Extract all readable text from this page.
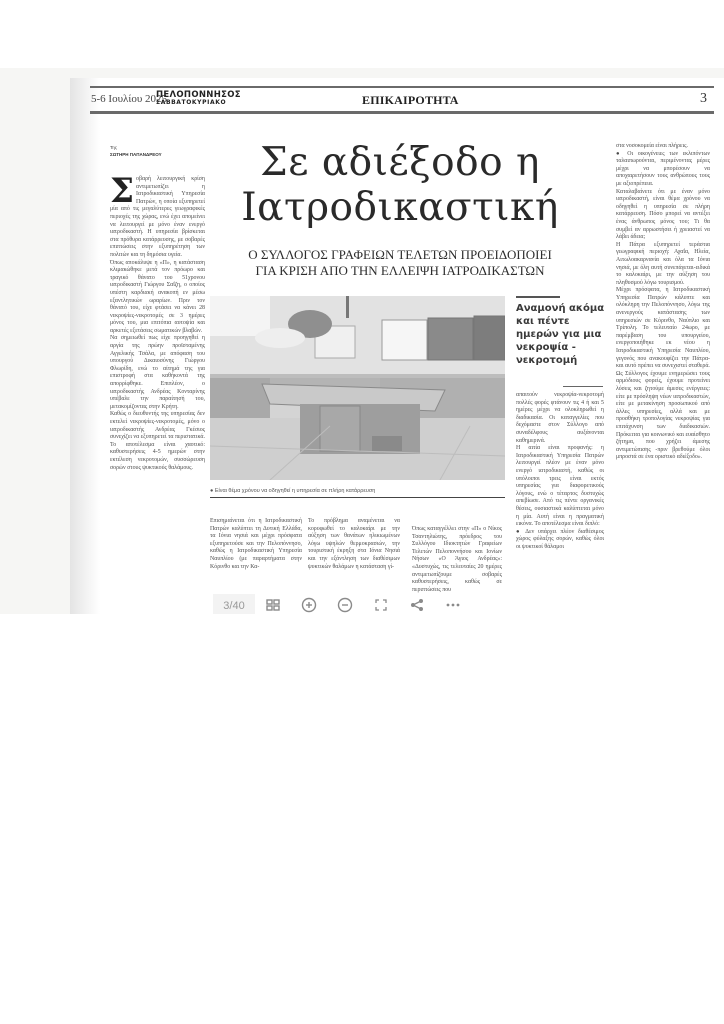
5-6 Ιουλίου 2025
ΠΕΛΟΠΟΝΝΗΣΟΣ
ΣΑΒΒΑΤΟΚΥΡΙΑΚΟ	ΕΠΙΚΑΙΡΟΤΗΤΑ	3
Της
ΣΩΤΗΡΗ ΠΑΠΑΝΔΡΕΟΥ

Σοβαρή λειτουργική κρίση αντιμετωπίζει η Ιατροδικαστική Υπηρεσία Πατρών, η οποία εξυπηρετεί μία από τις μεγαλύτερες γεωγραφικές περιοχές της χώρας, ενώ έχει απομείνει να λειτουργεί με μόνο έναν ενεργό ιατροδικαστή. Η υπηρεσία βρίσκεται στα πρόθυρα κατάρρευσης, με σοβαρές επιπτώσεις στην εξυπηρέτηση των πολιτών και τη δημόσια υγεία.

Όπως αποκάλυψε η «Π», η κατάσταση κλιμακώθηκε μετά τον πρόωρο και τραγικό θάνατο του 51χρονου ιατροδικαστή Γιώργου Σαΐζη, ο οποίος υπέστη καρδιακή ανακοπή εν μέσω εξαντλητικών ωραρίων. Πριν τον θάνατό του, είχε φτάσει να κάνει 28 νεκροψίες-νεκροτομές σε 3 ημέρες μόνος του, μια επιτόπια αυτοψία και αρκετές εξετάσεις σωματικών βλαβών.

Να σημειωθεί πως είχε προηγηθεί η αργία της πρώην προϊσταμένης Αγγελικής Τσάλα, με απόφαση του υπουργού Δικαιοσύνης Γιώργου Φλωρίδη, ενώ το αίτημά της για επιστροφή στα καθήκοντά της απορρίφθηκε. Επιπλέον, ο ιατροδικαστής Ανδρέας Κονταρίνης υπέβαλε την παραίτησή του, μετακομίζοντας στην Κρήτη.

Καθώς ο διευθυντής της υπηρεσίας δεν εκτελεί νεκροψίες-νεκροτομές, μόνο ο ιατροδικαστής Ανδρέας Γκέσιος συνεχίζει να εξυπηρετεί τα περιστατικά. Το αποτέλεσμα είναι χαοτικό: καθυστερήσεις 4-5 ημερών στην εκτέλεση νεκροτομών, συσσώρευση σορών στους ψυκτικούς θαλάμους.

Σε αδιέξοδο η
Ιατροδικαστική
Ο ΣΥΛΛΟΓΟΣ ΓΡΑΦΕΙΩΝ ΤΕΛΕΤΩΝ ΠΡΟΕΙΔΟΠΟΙΕΙ
ΓΙΑ ΚΡΙΣΗ ΑΠΟ ΤΗΝ ΕΛΛΕΙΨΗ ΙΑΤΡΟΔΙΚΑΣΤΩΝ
● Είναι θέμα χρόνου να οδηγηθεί η υπηρεσία σε πλήρη κατάρρευση

Επισημαίνεται ότι η Ιατροδικαστική Πατρών καλύπτει τη Δυτική Ελλάδα, τα Ιόνια νησιά και μέχρι πρόσφατα εξυπηρετούσε και την Πελοπόννησο, καθώς η Ιατροδικαστική Υπηρεσία Ναυπλίου (με παραρτήματα στην Κόρινθο και την Κα-

Το πρόβλημα αναμένεται να κορυφωθεί το καλοκαίρι με την αύξηση των θανάτων ηλικιωμένων λόγω υψηλών θερμοκρασιών, την τουριστική έκρηξη στα Ιόνια Νησιά και την εξάντληση των διαθέσιμων ψυκτικών θαλάμων η κατάσταση γί-

Όπως καταγγέλλει στην «Π» ο Νίκος Τσαντηλιώτης, πρόεδρος του Συλλόγου Ιδιοκτητών Γραφείων Τελετών Πελοποννήσου και Ιονίων Νήσων «Ο Άγιος Ανδρέας»: «Δυστυχώς, τις τελευταίες 20 ημέρες αντιμετωπίζουμε σοβαρές καθυστερήσεις, καθώς σε περιπτώσεις που

Αναμονή ακόμα και πέντε ημερών για μια νεκροψία - νεκροτομή

απαιτούν νεκροψία-νεκροτομή πολλές φορές φτάνουν τις 4 ή και 5 ημέρες μέχρι να ολοκληρωθεί η διαδικασία. Οι καταγγελίες που δεχόμαστε στον Σύλλογο από συναδέλφους αυξάνονται καθημερινά.

Η αιτία είναι προφανής: η Ιατροδικαστική Υπηρεσία Πατρών λειτουργεί πλέον με έναν μόνο ενεργό ιατροδικαστή, καθώς οι υπόλοιποι τρεις είναι εκτός υπηρεσίας για διαφορετικούς λόγους, ενώ ο τέταρτος δυστυχώς απεβίωσε. Από τις πέντε οργανικές θέσεις, ουσιαστικά καλύπτεται μόνο η μία. Αυτή είναι η πραγματική εικόνα. Το αποτέλεσμα είναι διπλό:

● Δεν υπάρχει πλέον διαθέσιμος χώρος φύλαξης σορών, καθώς όλοι οι ψυκτικοί θάλαμοι

στα νοσοκομεία είναι πλήρεις.

● Οι οικογένειες των εκλιπόντων ταλαιπωρούνται, περιμένοντας μέρες μέχρι να μπορέσουν να αποχαιρετήσουν τους ανθρώπους τους με αξιοπρέπεια.

Καταλαβαίνετε ότι με έναν μόνο ιατροδικαστή, είναι θέμα χρόνου να οδηγηθεί η υπηρεσία σε πλήρη κατάρρευση. Πόσο μπορεί να αντέξει ένας άνθρωπος μόνος του; Τι θα συμβεί αν αρρωστήσει ή χρειαστεί να λάβει άδεια;

Η Πάτρα εξυπηρετεί τεράστια γεωγραφική περιοχή: Αχαΐα, Ηλεία, Αιτωλοακαρνανία και όλα τα Ιόνια νησιά, με όλη αυτή συνεπάγεται-ειδικά το καλοκαίρι, με την αύξηση του πληθυσμού λόγω τουρισμού.

Μέχρι πρόσφατα, η Ιατροδικαστική Υπηρεσία Πατρών κάλυπτε και ολόκληρη την Πελοπόννησο, λόγω της ανενεργούς κατάστασης των υπηρεσιών σε Κόρινθο, Ναύπλιο και Τρίπολη. Το τελευταίο 24ωρο, με παρέμβαση του υπουργείου, ενεργοποιήθηκε εκ νέου η Ιατροδικαστική Υπηρεσία Ναυπλίου, γεγονός που ανακουφίζει την Πάτρα-και αυτό πρέπει να συνεχιστεί σταθερά.

Ως Σύλλογος έχουμε ενημερώσει τους αρμόδιους φορείς, έχουμε προτείνει λύσεις και ζητούμε άμεσες ενέργειες: είτε με πρόσληψη νέων ιατροδικαστών, είτε με μετακίνηση προσωπικού από άλλες υπηρεσίες, αλλά και με προσθήκη τροπολογίας νεκροψίας για επιτάχυνση των διαδικασιών. Πρόκειται για κοινωνικό και ευαίσθητο ζήτημα, που χρήζει άμεσης αντιμετώπισης -πριν βρεθούμε όλοι μπροστά σε ένα οριστικό αδιέξοδο».

3/40
